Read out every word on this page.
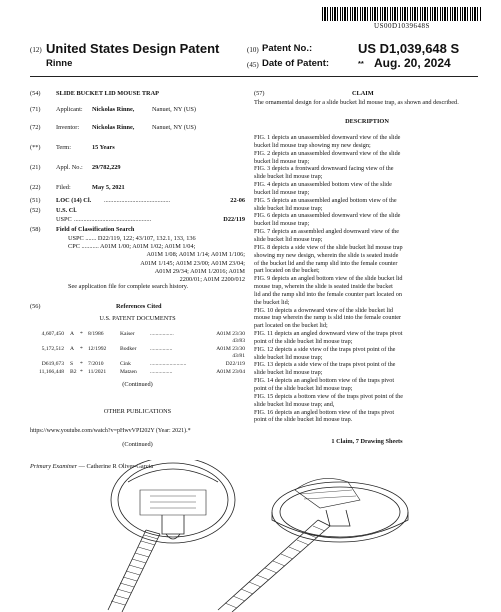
US00D1039648S
(12) United States Design Patent
Rinne
(10) Patent No.:	US D1,039,648 S
(45) Date of Patent:	** Aug. 20, 2024
(54) SLIDE BUCKET LID MOUSE TRAP
(71) Applicant: Nickolas Rinne,	Nanuet, NY (US)
(72) Inventor: Nickolas Rinne,	Nanuet, NY (US)
(**) Term:	15 Years
(21) Appl. No.: 29/782,229
(22) Filed:	May 5, 2021
(51) LOC (14) Cl. ..........................................	22-06
(52) U.S. Cl.
USPC .................................................	D22/119
(58) Field of Classification Search
USPC ....... D22/119, 122; 43/107, 132.1, 133, 136
CPC ........... A01M 1/00; A01M 1/02; A01M 1/04;
A01M 1/08; A01M 1/14; A01M 1/106;
A01M 1/145; A01M 23/00; A01M 23/04;
A01M 29/34; A01M 1/2016; A01M
2200/01; A01M 2200/012
See application file for complete search history.
(56)	References Cited
U.S. PATENT DOCUMENTS
4,607,450 A * 8/1986	Kaiser	.................	A01M 23/30
43/83
5,172,512 A * 12/1992 Bodker ................	A01M 23/30
43/81
D619,673 S * 7/2010	Cink	..........................	D22/119
11,166,448 B2 * 11/2021 Matzen ................	A01M 23/04
(Continued)
OTHER PUBLICATIONS
https://www.youtube.com/watch?v=pHwvVPI202Y (Year: 2021).*
(Continued)
Primary Examiner — Catherine R Oliver-Garcia
(57)	CLAIM
The ornamental design for a slide bucket lid mouse trap, as shown and described.
DESCRIPTION
FIG. 1 depicts an unassembled downward view of the slide
bucket lid mouse trap showing my new design;
FIG. 2 depicts an unassembled downward view of the slide
bucket lid mouse trap;
FIG. 3 depicts a frontward downward facing view of the
slide bucket lid mouse trap;
FIG. 4 depicts an unassembled bottom view of the slide
bucket lid mouse trap;
FIG. 5 depicts an unassembled angled bottom view of the
slide bucket lid mouse trap;
FIG. 6 depicts an unassembled downward view of the slide
bucket lid mouse trap;
FIG. 7 depicts an assembled angled downward view of the
slide bucket lid mouse trap;
FIG. 8 depicts a side view of the slide bucket lid mouse trap
showing my new design, wherein the slide is seated inside
of the bucket lid and the ramp slid into the female counter
part located on the bucket;
FIG. 9 depicts an angled bottom view of the slide bucket lid
mouse trap, wherein the slide is seated inside the bucket
lid and the ramp slid into the female counter part located on
the bucket lid;
FIG. 10 depicts a downward view of the slide bucket lid
mouse trap wherein the ramp is slid into the female counter
part located on the bucket lid;
FIG. 11 depicts an angled downward view of the traps pivot
point of the slide bucket lid mouse trap;
FIG. 12 depicts a side view of the traps pivot point of the
slide bucket lid mouse trap;
FIG. 13 depicts a side view of the traps pivot point of the
slide bucket lid mouse trap;
FIG. 14 depicts an angled bottom view of the traps pivot
point of the slide bucket lid mouse trap;
FIG. 15 depicts a bottom view of the traps pivot point of the
slide bucket lid mouse trap; and,
FIG. 16 depicts an angled bottom view of the traps pivot
point of the slide bucket lid mouse trap.
1 Claim, 7 Drawing Sheets
